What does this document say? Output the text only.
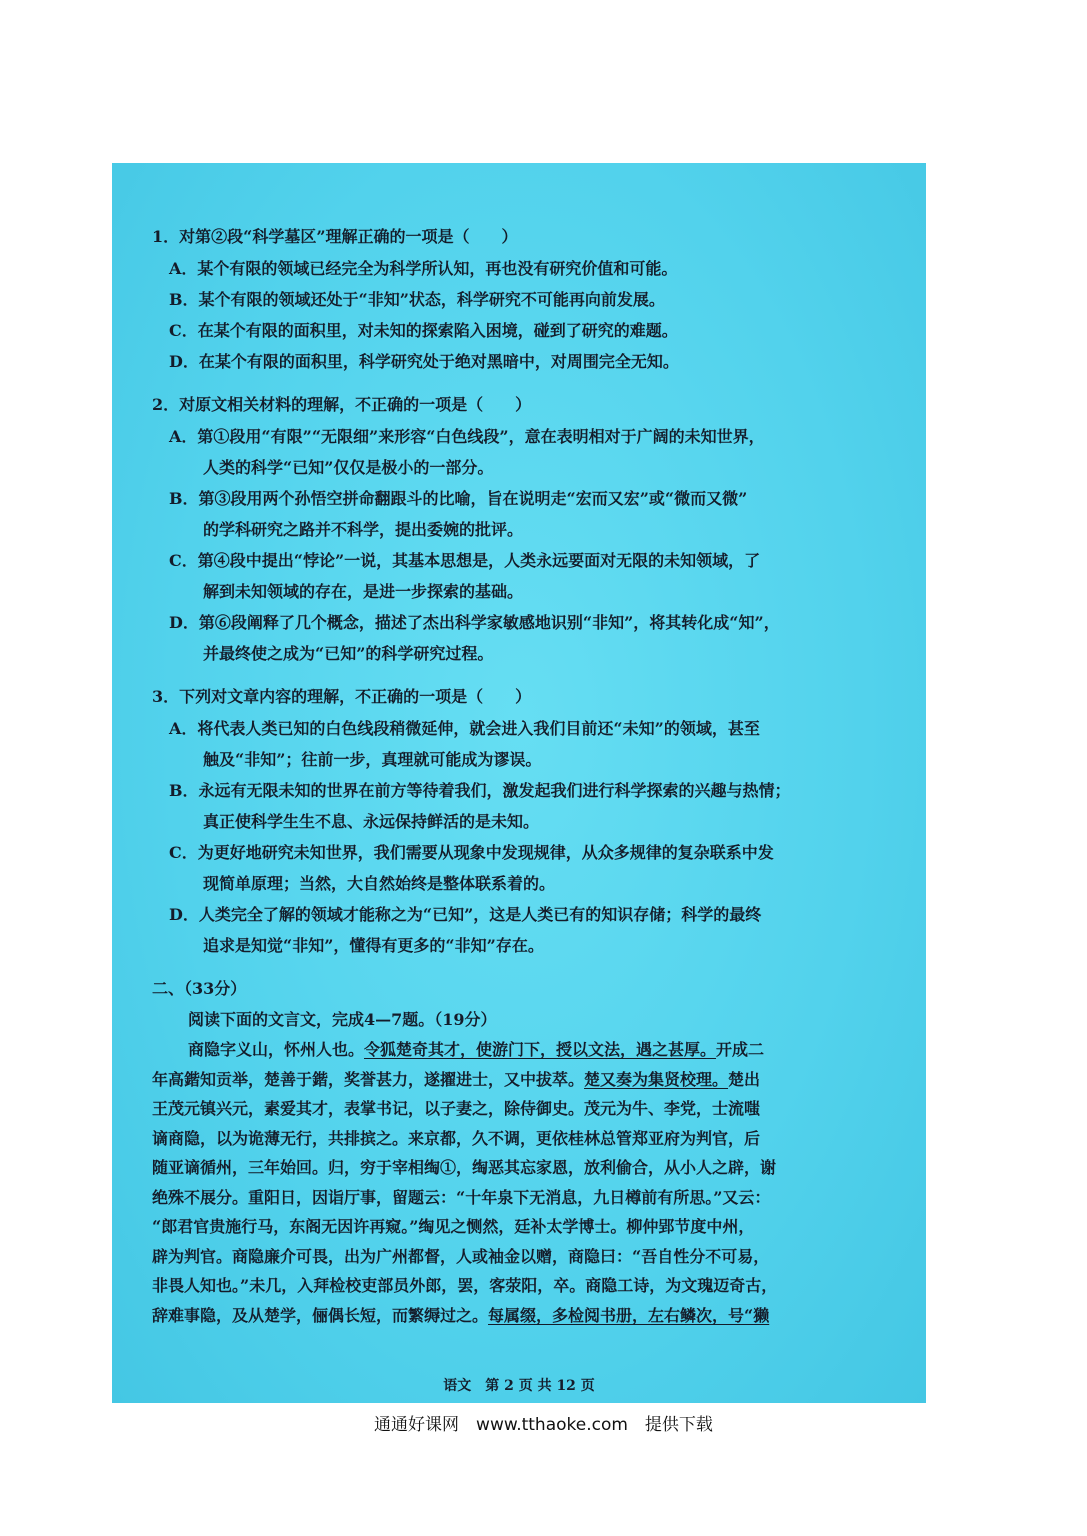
1．对第②段“科学墓区”理解正确的一项是（　　）
A．某个有限的领域已经完全为科学所认知，再也没有研究价值和可能。
B．某个有限的领域还处于“非知”状态，科学研究不可能再向前发展。
C．在某个有限的面积里，对未知的探索陷入困境，碰到了研究的难题。
D．在某个有限的面积里，科学研究处于绝对黑暗中，对周围完全无知。
2．对原文相关材料的理解，不正确的一项是（　　）
A．第①段用“有限”“无限细”来形容“白色线段”，意在表明相对于广阔的未知世界，
人类的科学“已知”仅仅是极小的一部分。
B．第③段用两个孙悟空拼命翻跟斗的比喻，旨在说明走“宏而又宏”或“微而又微”
的学科研究之路并不科学，提出委婉的批评。
C．第④段中提出“悖论”一说，其基本思想是，人类永远要面对无限的未知领域，了
解到未知领域的存在，是进一步探索的基础。
D．第⑥段阐释了几个概念，描述了杰出科学家敏感地识别“非知”，将其转化成“知”，
并最终使之成为“已知”的科学研究过程。
3．下列对文章内容的理解，不正确的一项是（　　）
A．将代表人类已知的白色线段稍微延伸，就会进入我们目前还“未知”的领域，甚至
触及“非知”；往前一步，真理就可能成为谬误。
B．永远有无限未知的世界在前方等待着我们，激发起我们进行科学探索的兴趣与热情；
真正使科学生生不息、永远保持鲜活的是未知。
C．为更好地研究未知世界，我们需要从现象中发现规律，从众多规律的复杂联系中发
现简单原理；当然，大自然始终是整体联系着的。
D．人类完全了解的领域才能称之为“已知”，这是人类已有的知识存储；科学的最终
追求是知觉“非知”，懂得有更多的“非知”存在。
二、（33分）
阅读下面的文言文，完成4—7题。（19分）
商隐字义山，怀州人也。令狐楚奇其才，使游门下，授以文法，遇之甚厚。开成二
年高鍇知贡举，楚善于鍇，奖誉甚力，遂擢进士，又中拔萃。楚又奏为集贤校理。楚出
王茂元镇兴元，素爱其才，表掌书记，以子妻之，除侍御史。茂元为牛、李党，士流嗤
谪商隐，以为诡薄无行，共排摈之。来京都，久不调，更依桂林总管郑亚府为判官，后
随亚谪循州，三年始回。归，穷于宰相绹①，绹恶其忘家恩，放利偷合，从小人之辟，谢
绝殊不展分。重阳日，因诣厅事，留题云：“十年泉下无消息，九日樽前有所思。”又云：
“郎君官贵施行马，东阁无因许再窥。”绹见之恻然，廷补太学博士。柳仲郢节度中州，
辟为判官。商隐廉介可畏，出为广州都督，人或袖金以赠，商隐曰：“吾自性分不可易，
非畏人知也。”未几，入拜检校吏部员外郎，罢，客荥阳，卒。商隐工诗，为文瑰迈奇古，
辞难事隐，及从楚学，俪偶长短，而繁缛过之。每属缀，多检阅书册，左右鳞次，号“獭
语文　第 2 页 共 12 页
通通好课网　www.tthaoke.com　提供下载
